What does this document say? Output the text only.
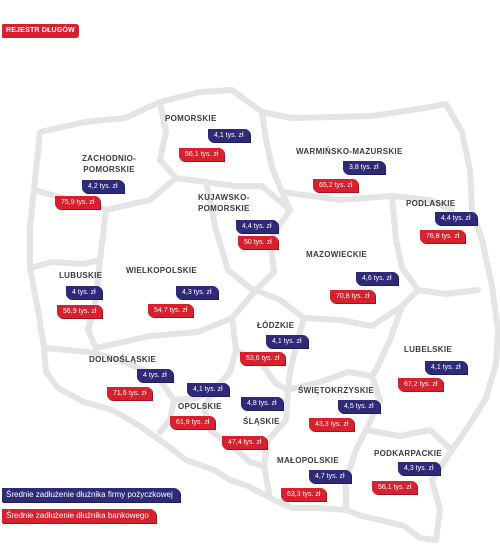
REJESTR DŁUGÓW
POMORSKIE
4,1 tys. zł
56,1 tys. zł	WARMIŃSKO-MAZURSKIE
3,8 tys. zł
65,2 tys. zł
ZACHODNIO-
POMORSKIE
4,2 tys. zł
75,9 tys. zł
KUJAWSKO-
POMORSKIE
4,4 tys. zł
50 tys. zł
PODLASKIE
4,4 tys. zł
76,8 tys. zł
MAZOWIECKIE
4,6 tys. zł
70,8 tys. zł
LUBUSKIE
4 tys. zł
56,9 tys. zł
WIELKOPOLSKIE
4,3 tys. zł
54,7 tys. zł
ŁÓDZKIE
4,1 tys. zł
53,6 tys. zł
LUBELSKIE
4,1 tys. zł
67,2 tys. zł
DOLNOŚLĄSKIE
4 tys. zł
71,6 tys. zł
4,1 tys. zł
OPOLSKIE
61,9 tys. zł
4,8 tys. zł
ŚLĄSKIE
47,4 tys. zł
ŚWIĘTOKRZYSKIE
4,5 tys. zł
43,3 tys. zł
MAŁOPOLSKIE
4,7 tys. zł
63,3 tys. zł
PODKARPACKIE
4,3 tys. zł
56,1 tys. zł
Średnie zadłużenie dłużnika firmy pożyczkowej
Średnie zadłużenie dłużnika bankowego
